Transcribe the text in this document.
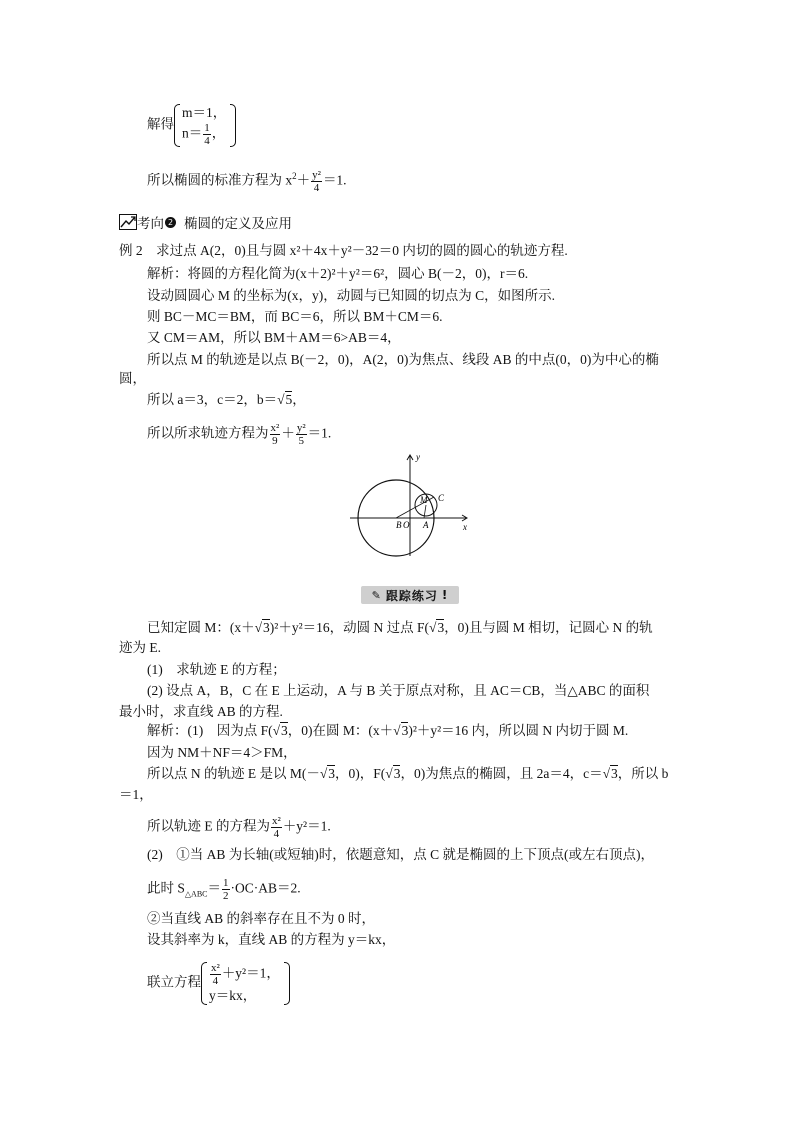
解得
m＝1，
$n= \frac{1}{4}$ ，
所以椭圆的标准方程为 $x^2+ \frac{\text{y²}}{4} =1$.
考向 2 椭圆的定义及应用
例 2　求过点 A(2，0)且与圆 x²＋4x＋y²－32＝0 内切的圆的圆心的轨迹方程.
解析：将圆的方程化简为(x＋2)²＋y²＝6²，圆心 B(－2，0)，r＝6.
设动圆圆心 M 的坐标为(x，y)，动圆与已知圆的切点为 C，如图所示.
则 BC－MC＝BM，而 BC＝6，所以 BM＋CM＝6.
又 CM＝AM，所以 BM＋AM＝6>AB＝4，
所以点 M 的轨迹是以点 B(－2，0)，A(2，0)为焦点、线段 AB 的中点(0，0)为中心的椭
圆，
所以 a＝3，c＝2，b＝√5，
所以所求轨迹方程为 $\frac{\text{x²}}{9} + \frac{\text{y²}}{5} =1$.
y
x
M C
B O A
✎ 跟踪练习 !
已知定圆 M：(x＋√3)²＋y²＝16，动圆 N 过点 F(√3，0)且与圆 M 相切，记圆心 N 的轨
迹为 E.
(1)　求轨迹 E 的方程；
(2) 设点 A，B，C 在 E 上运动，A 与 B 关于原点对称，且 AC＝CB，当△ABC 的面积
最小时，求直线 AB 的方程.
解析：(1)　因为点 F(√3，0)在圆 M：(x＋√3)²＋y²＝16 内，所以圆 N 内切于圆 M.
因为 NM＋NF＝4＞FM，
所以点 N 的轨迹 E 是以 M(－√3，0)，F(√3，0)为焦点的椭圆，且 2a＝4，c＝√3，所以 b
＝1，
所以轨迹 E 的方程为 $\frac{\text{x²}}{4} +y^2=1$.
(2)　①当 AB 为长轴(或短轴)时，依题意知，点 C 就是椭圆的上下顶点(或左右顶点)，
此时 $S_{\triangle ABC}= \frac{1}{2} \cdot OC\cdot AB=2$.
②当直线 AB 的斜率存在且不为 0 时，
设其斜率为 k，直线 AB 的方程为 y＝kx，
联立方程 $\frac{\text{x²}}{4} +y^2=1$，
y＝kx，
